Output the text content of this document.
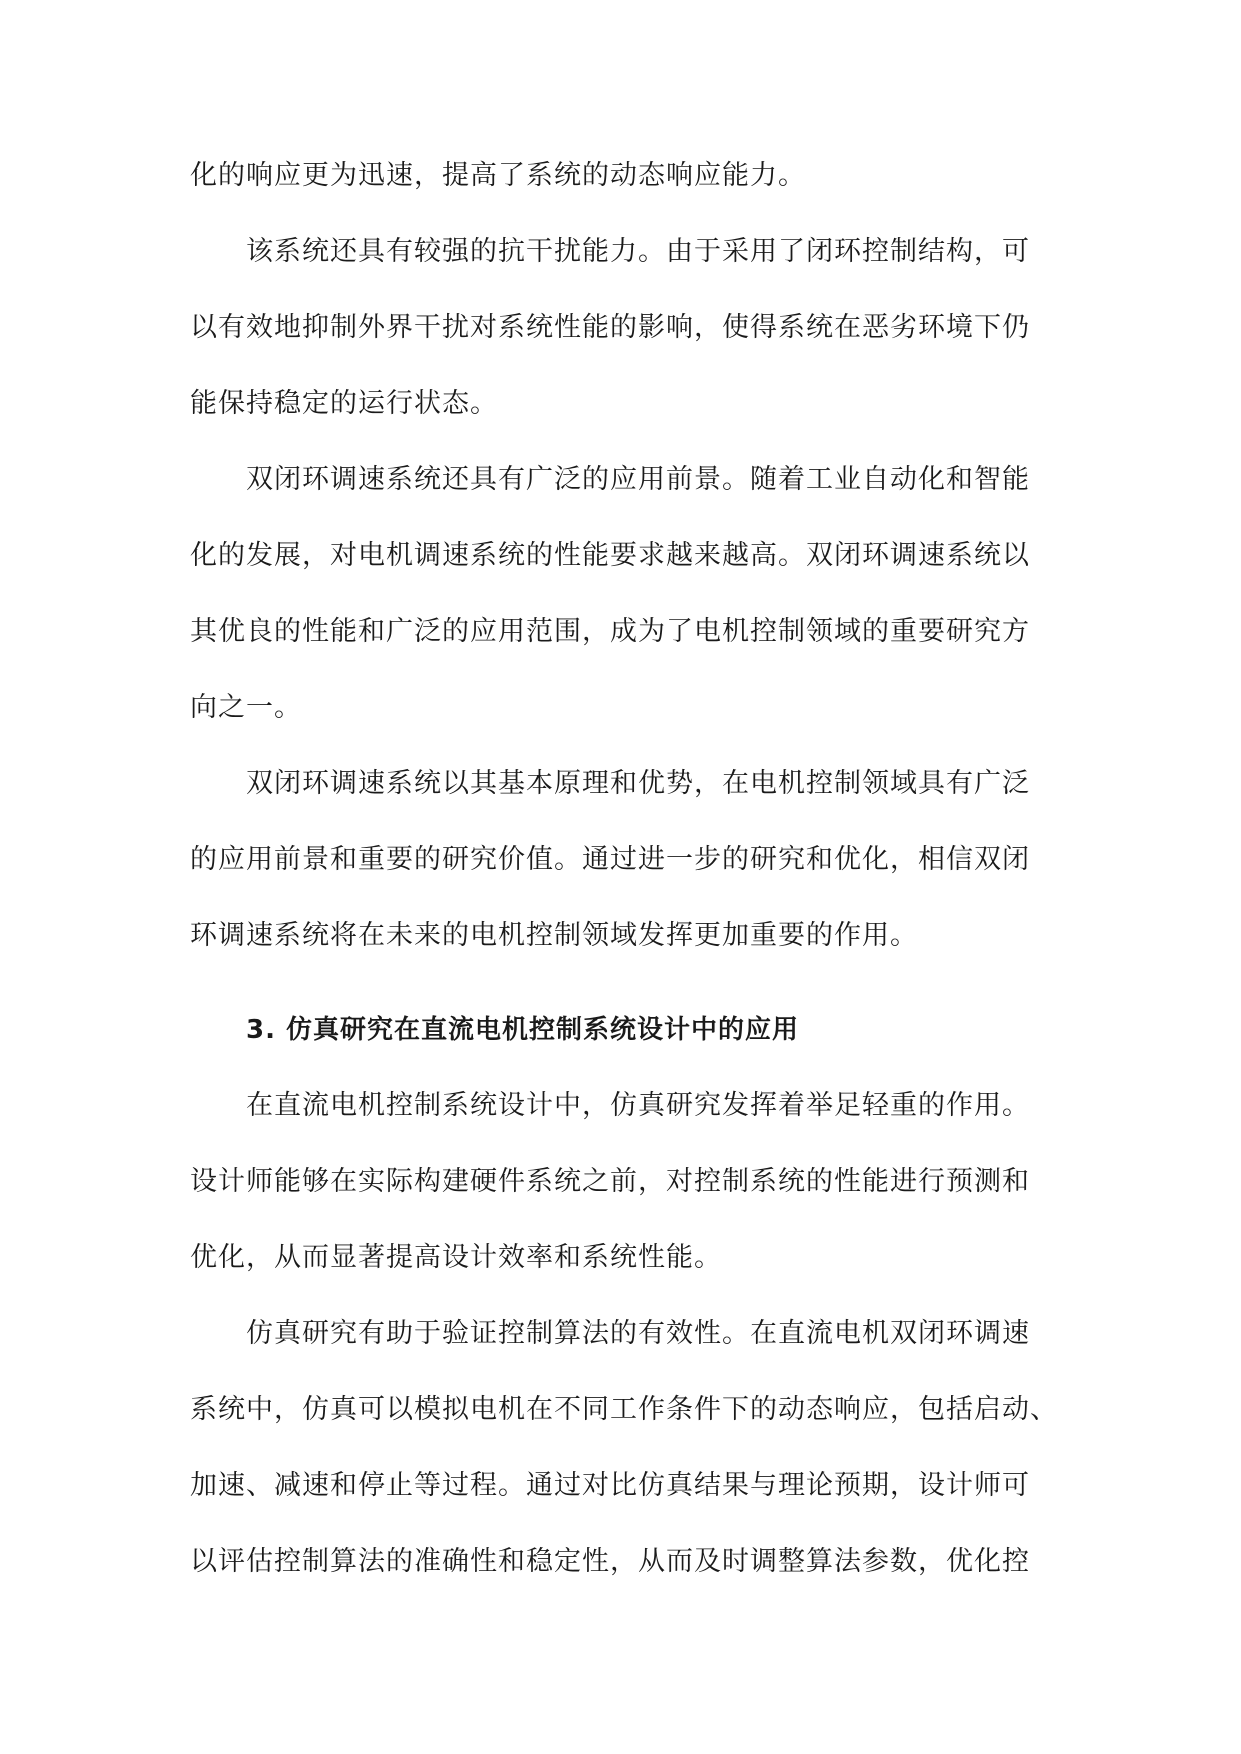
化的响应更为迅速，提高了系统的动态响应能力。
该系统还具有较强的抗干扰能力。由于采用了闭环控制结构，可
以有效地抑制外界干扰对系统性能的影响，使得系统在恶劣环境下仍
能保持稳定的运行状态。
双闭环调速系统还具有广泛的应用前景。随着工业自动化和智能
化的发展，对电机调速系统的性能要求越来越高。双闭环调速系统以
其优良的性能和广泛的应用范围，成为了电机控制领域的重要研究方
向之一。
双闭环调速系统以其基本原理和优势，在电机控制领域具有广泛
的应用前景和重要的研究价值。通过进一步的研究和优化，相信双闭
环调速系统将在未来的电机控制领域发挥更加重要的作用。
3. 仿真研究在直流电机控制系统设计中的应用
在直流电机控制系统设计中，仿真研究发挥着举足轻重的作用。
设计师能够在实际构建硬件系统之前，对控制系统的性能进行预测和
优化，从而显著提高设计效率和系统性能。
仿真研究有助于验证控制算法的有效性。在直流电机双闭环调速
系统中，仿真可以模拟电机在不同工作条件下的动态响应，包括启动、
加速、减速和停止等过程。通过对比仿真结果与理论预期，设计师可
以评估控制算法的准确性和稳定性，从而及时调整算法参数，优化控
